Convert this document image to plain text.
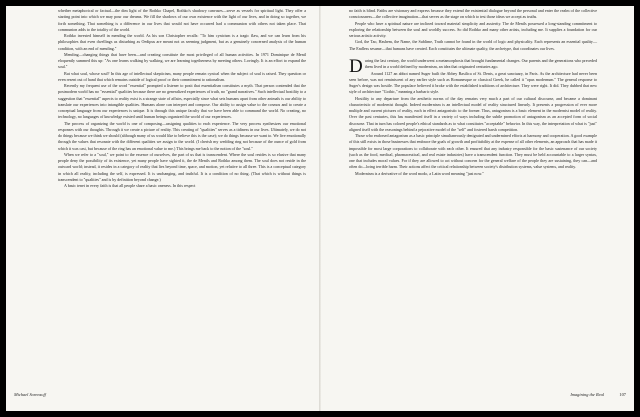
whether metaphorical or factual—the dim light of the Rothko Chapel, Rothko's shadowy canvases—serve as vessels for spiritual light. They offer a starting point into which we may pour our dreams. We fill the shadows of our own existence with the light of our lives, and in doing so together, we forth something. That something is a difference in our lives that would not have occurred had a communion with others not taken place. That communion adds to the totality of the world.

Rothko invested himself in mending the world. As his son Christopher recalls: "To him cynicism is a tragic flaw, and we can learn from his philosophies that even dwellings as disturbing as Oedipus are meant not as seeming judgment, but as a genuinely concerned analysis of the human condition, with an end of mending."

Mending—changing things that have been—and creating constitute the most privileged of all human activities. In 1971 Dominique de Menil eloquently summed this up: "As one learns walking by walking, we are learning togetherness by meeting others. Lovingly. It is an effort to expand the soul."

But what soul, whose soul? In this age of intellectual skepticism, many people remain cynical when the subject of soul is raised. They question or even resent out of hand that which remains outside of logical proof or their commitment to rationalism.

Recently my frequent use of the word "essential" prompted a listener to posit that essentialism constitutes a myth. That person contended that the postmodern world has no "essential" qualities because there are no generalized experiences of truth, no "grand narratives." Such intellectual hostility to a suggestion that "essential" aspects to reality exist is a strange state of affairs, especially since what sets humans apart from other animals is our ability to translate our experiences into intangible qualities. Humans alone can interpret and compose. Our ability to assign value to the cosmos and to create a conceptual language from our experiences is unique. It is through this unique faculty that we have been able to command the world. No creating, no technology, no languages of knowledge existed until human beings organized the world of our experiences.

The process of organizing the world is one of composing—assigning qualities to each experience. The very process synthesizes our emotional responses with our thoughts. Through it we create a picture of reality. This creating of "qualities" serves as a tidiness in our lives. Ultimately, we do not do things because we think we should (although many of us would like to believe this is the case); we do things because we want to. We live emotionally through the values that resonate with the different qualities we assign to the world. (I cherish my wedding ring not because of the ounce of gold from which it was cast, but because of the ring has an emotional value to me.) This brings me back to the notion of the "soul."

When we refer to a "soul," we point to the essence of ourselves, the part of us that is transcendent. Where the soul resides is so elusive that many people deny the possibility of its existence, yet many people have sighted it, the de Menils and Rothko among them. The soul does not reside in the outward world; instead, it resides in a category of reality that lies beyond time, space, and motion, yet relative to all three. This is a conceptual category in which all reality, including the self, is expressed. It is unchanging, and truthful. It is a condition of no thing. (That which is without things is transcendent to "qualities" and is by definition beyond change.)

A basic tenet in every faith is that all people share a basic oneness. In this respect

Michael Sorensoff

no faith is blind. Faiths are visionary and express because they extend the existential dialogue beyond the personal and enter the realm of the collective consciousness—the collective imagination—that serves as the stage on which to test those ideas we accept as truths.

People who have a spiritual nature are inclined toward material simplicity and austerity. The de Menils possessed a long-standing commitment to exploring the relationship between the soul and worldly success. So did Rothko and many other artists, including me. It supplies a foundation for our serious artistic activity.

God, the Tao, Hashem, the Name, the Sublime, Truth cannot be found in the world of logic and physicality. Each represents an essential quality—The Endless sesame—that humans have created. Each constitutes the ultimate quality, the archetype, that coordinates our lives.

During the last century, the world underwent a metamorphosis that brought fundamental changes. Our parents and the generations who preceded them lived in a world defined by modernism, an idea that originated centuries ago.

Around 1127 an abbot named Suger built the Abbey Basilica of St. Denis, a great sanctuary, in Paris. As the architecture had never been seen before, was not reminiscent of any earlier style such as Romanesque or classical Greek, he called it "opus modernum." The general response to Suger's design was hostile. The populace believed it broke with the established traditions of architecture. They were right. It did. They dubbed that new style of architecture "Gothic," meaning a barbaric style.

Hostility to any departure from the aesthetic norms of the day remains very much a part of our cultural discourse, and became a dominant characteristic of modernist thought. Indeed modernism is an intellectual model of reality structured linearly. It presents a progression of ever more multiple and current pictures of reality, each in effect antagonistic to the former. Thus, antagonism is a basic element in the modernist model of reality. Over the past centuries, this has manifested itself in a variety of ways including the subtle promotion of antagonism as an accepted form of social discourse. That in turn has colored people's ethical standards as to what constitutes "acceptable" behavior. In this way, the interpretation of what is "just" aligned itself with the reasonings behind a pejorative model of the "self" and fostered harsh competition.

Those who endorsed antagonism as a basic principle simultaneously denigrated and undermined efforts at harmony and cooperation. A good example of this still exists in those businesses that embrace the goals of growth and profitability at the expense of all other elements, an approach that has made it impossible for most large corporations to collaborate with each other. It ensured that any industry responsible for the basic sustenance of our society (such as the food, medical, pharmaceutical, and real estate industries) have a transcendent function. They must be held accountable to a larger syntax, one that includes moral values. For if they are allowed to act without concern for the general welfare of the people they are sustaining, they can—and often do—bring terrible harm. Their actions affect the critical relationship between society's distribution systems, value systems, and reality.

Modernism is a derivative of the word modo, a Latin word meaning "just now."

Imagining the Real	107
